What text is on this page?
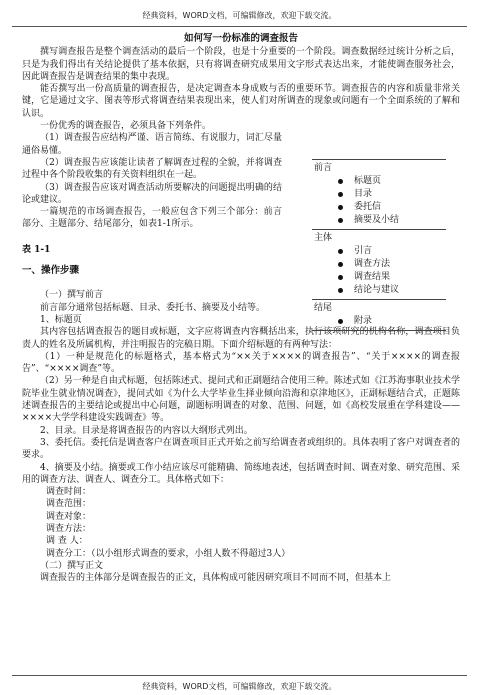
经典资料，WORD文档，可编辑修改，欢迎下载交流。

如何写一份标准的调查报告

撰写调查报告是整个调查活动的最后一个阶段，也是十分重要的一个阶段。调查数据经过统计分析之后，只是为我们得出有关结论提供了基本依据，只有将调查研究成果用文字形式表达出来，才能使调查服务社会，因此调查报告是调查结果的集中表现。

能否撰写出一份高质量的调查报告，是决定调查本身成败与否的重要环节。调查报告的内容和质量非常关键，它是通过文字、图表等形式将调查结果表现出来，使人们对所调查的现象或问题有一个全面系统的了解和认识。

一份优秀的调查报告，必须具备下列条件。

（1）调查报告应结构严谨、语言简练、有说服力，词汇尽量通俗易懂。

（2）调查报告应该能让读者了解调查过程的全貌，并将调查过程中各个阶段收集的有关资料组织在一起。

（3）调查报告应该对调查活动所要解决的问题提出明确的结论或建议。

一篇规范的市场调查报告，一般应包含下列三个部分：前言部分、主题部分、结尾部分，如表1-1所示。

表 1-1

一、操作步骤

（一）撰写前言

前言部分通常包括标题、目录、委托书、摘要及小结等。

1、标题页

其内容包括调查报告的题目或标题，文字应将调查内容概括出来，执行该项研究的机构名称，调查项目负责人的姓名及所属机构，并注明报告的完稿日期。下面介绍标题的有两种写法：

（1）一种是规范化的标题格式，基本格式为“××关于××××的调查报告”、“关于××××的调查报告”、“××××调查”等。

（2）另一种是自由式标题，包括陈述式、提问式和正副题结合使用三种。陈述式如《江苏海事职业技术学院毕业生就业情况调查》，提问式如《为什么大学毕业生择业倾向沿海和京津地区》，正副标题结合式，正题陈述调查报告的主要结论或提出中心问题，副题标明调查的对象、范围、问题，如《高校发展重在学科建设——××××大学学科建设实践调查》等。

2、目录。目录是将调查报告的内容以大纲形式列出。

3、委托信。委托信是调查客户在调查项目正式开始之前写给调查者或组织的。具体表明了客户对调查者的要求。

4、摘要及小结。摘要或工作小结应该尽可能精确、简练地表述，包括调查时间、调查对象、研究范围、采用的调查方法、调查人、调查分工。具体格式如下：

调查时间：

调查范围：

调查对象：

调查方法：

调 查 人：

调查分工：（以小组形式调查的要求，小组人数不得超过3人）

（二）撰写正文

调查报告的主体部分是调查报告的正文，具体构成可能因研究项目不同而不同，但基本上

前言
标题页
目录
委托信
摘要及小结
主体
引言
调查方法
调查结果
结论与建议
结尾
附录
经典资料，WORD文档，可编辑修改，欢迎下载交流。
